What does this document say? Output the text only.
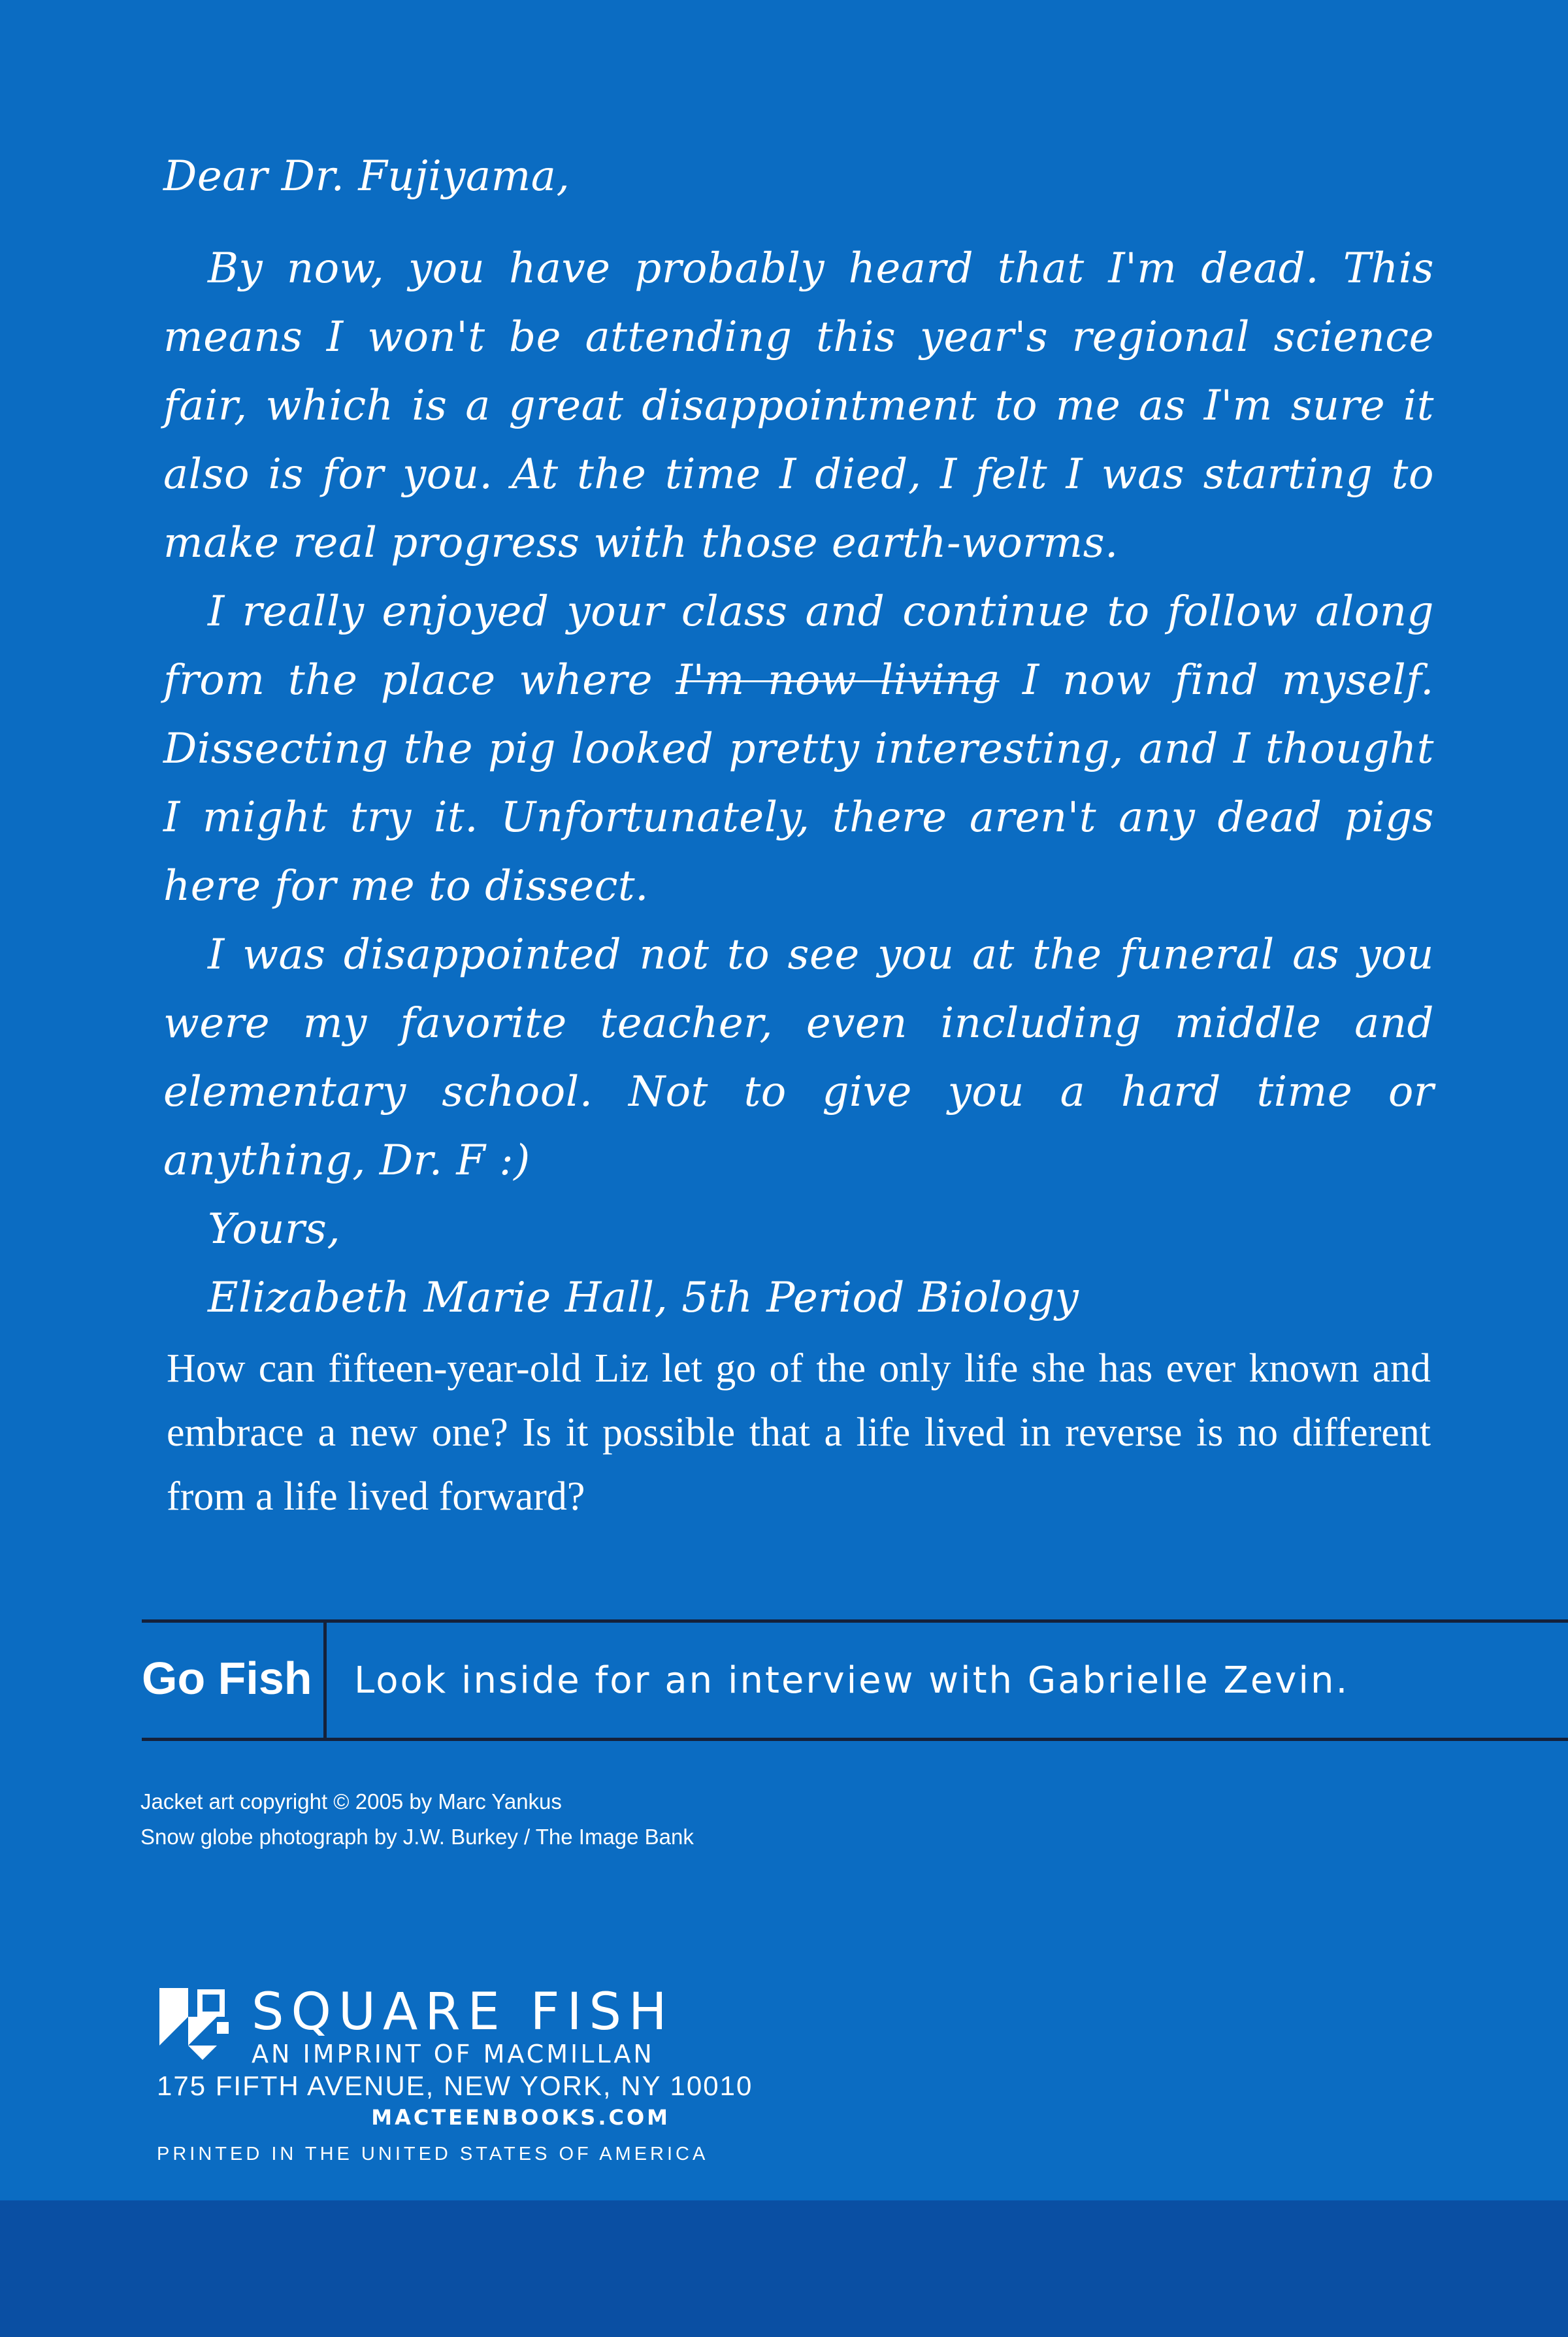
Dear Dr. Fujiyama,

By now, you have probably heard that I'm dead. This means I won't be attending this year's regional science fair, which is a great disappointment to me as I'm sure it also is for you. At the time I died, I felt I was starting to make real progress with those earth-worms.

I really enjoyed your class and continue to follow along from the place where I'm now living I now find myself. Dissecting the pig looked pretty interesting, and I thought I might try it. Unfortunately, there aren't any dead pigs here for me to dissect.

I was disappointed not to see you at the funeral as you were my favorite teacher, even including middle and elementary school. Not to give you a hard time or anything, Dr. F :)

Yours,

Elizabeth Marie Hall, 5th Period Biology

How can fifteen-year-old Liz let go of the only life she has ever known and embrace a new one? Is it possible that a life lived in reverse is no different from a life lived forward?

Go Fish	Look inside for an interview with Gabrielle Zevin.
Jacket art copyright © 2005 by Marc Yankus
Snow globe photograph by J.W. Burkey / The Image Bank
SQUARE FISH
AN IMPRINT OF MACMILLAN
175 FIFTH AVENUE, NEW YORK, NY 10010
MACTEENBOOKS.COM
PRINTED IN THE UNITED STATES OF AMERICA
